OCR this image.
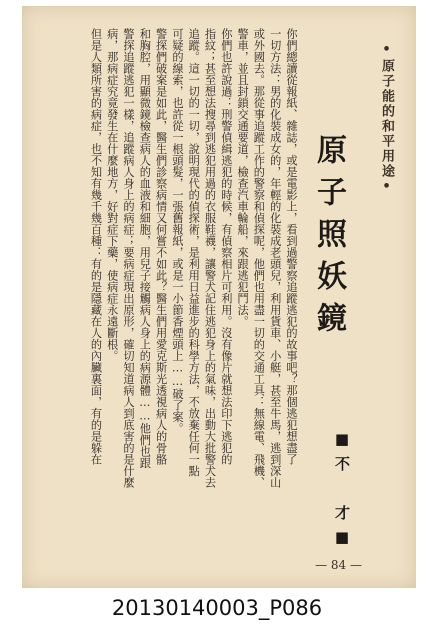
•原子能的和平用途•
原子照妖鏡
■不 才■
你們總讀從報紙、雜誌，或是電影上，看到過警察追蹤逃犯的故事吧？那個逃犯想盡了
一切方法：男的化裝成女的，年輕的化裝成老頭兒，利用貨車、小艇，甚至牛馬，逃到深山
或外國去。那從事追蹤工作的警察和偵探呢，他們也用盡一切的交通工具：無線電、飛機、
警車，並且封鎖交通要道，檢查汽車輪船，來跟逃犯鬥法。
你們也許說過：刑警偵緝逃犯的時候，有偵察相片可利用。沒有像片就想法印下逃犯的
指紋；甚至想法搜尋到逃犯用過的衣服鞋襪，讓警犬記住逃犯身上的氣味，出動大批警犬去
追蹤。這一切的一切，說明現代的偵探術，是利用日益進步的科學方法，不放棄任何一點
可疑的線索，也許從一根頭髮，一張舊報紙，或是一小節香煙頭上……破了案。
警探們破案是如此，醫生們診察病情又何嘗不如此？醫生們用愛克斯光透視病人的骨骼
和胸腔，用顯微鏡檢查病人的血液和細胞，用兒子接觸病人身上的病源體……他們也跟
警探追蹤逃犯一樣，追蹤病人身上的病症；要病症現出原形，確切知道病人到底害的是什麼
病，那病症究竟發生在什麼地方，好對症下藥，使病症永遠斷根。
但是人類所害的病症，也不知有幾千幾百種：有的是隱藏在人的內臟裏面，有的是躲在
— 84 —
20130140003_P086
